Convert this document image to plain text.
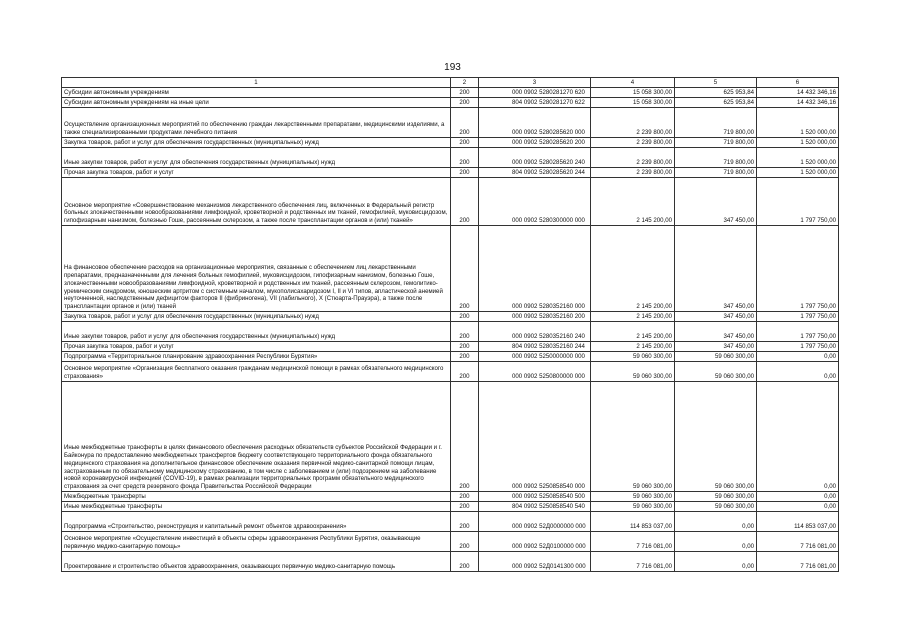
193
1	2	3	4	5	6
Субсидии автономным учреждениям	200	000 0902 5280281270 620	15 058 300,00	625 953,84	14 432 346,16
Субсидии автономным учреждениям на иные цели	200	804 0902 5280281270 622	15 058 300,00	625 953,84	14 432 346,16
Осуществление организационных мероприятий по обеспечению граждан лекарственными препаратами, медицинскими изделиями, а также специализированными продуктами лечебного питания	200	000 0902 5280285620 000	2 239 800,00	719 800,00	1 520 000,00
Закупка товаров, работ и услуг для обеспечения государственных (муниципальных) нужд	200	000 0902 5280285620 200	2 239 800,00	719 800,00	1 520 000,00
Иные закупки товаров, работ и услуг для обеспечения государственных (муниципальных) нужд	200	000 0902 5280285620 240	2 239 800,00	719 800,00	1 520 000,00
Прочая закупка товаров, работ и услуг	200	804 0902 5280285620 244	2 239 800,00	719 800,00	1 520 000,00
Основное мероприятие «Совершенствование механизмов лекарственного обеспечения лиц, включенных в Федеральный регистр больных злокачественными новообразованиями лимфоидной, кроветворной и родственных им тканей, гемофилией, муковисцидозом, гипофизарным нанизмом, болезнью Гоше, рассеянным склерозом, а также после трансплантации органов и (или) тканей»	200	000 0902 5280300000 000	2 145 200,00	347 450,00	1 797 750,00
На финансовое обеспечение расходов на организационные мероприятия, связанные с обеспечением лиц лекарственными препаратами, предназначенными для лечения больных гемофилией, муковисцидозом, гипофизарным нанизмом, болезнью Гоше, злокачественными новообразованиями лимфоидной, кроветворной и родственных им тканей, рассеянным склерозом, гемолитико-уремическим синдромом, юношеским артритом с системным началом, мукополисахаридозом I, II и VI типов, апластической анемией неуточненной, наследственным дефицитом факторов II (фибриногена), VII (лабильного), X (Стюарта-Прауэра), а также после трансплантации органов и (или) тканей	200	000 0902 5280352160 000	2 145 200,00	347 450,00	1 797 750,00
Закупка товаров, работ и услуг для обеспечения государственных (муниципальных) нужд	200	000 0902 5280352160 200	2 145 200,00	347 450,00	1 797 750,00
Иные закупки товаров, работ и услуг для обеспечения государственных (муниципальных) нужд	200	000 0902 5280352160 240	2 145 200,00	347 450,00	1 797 750,00
Прочая закупка товаров, работ и услуг	200	804 0902 5280352160 244	2 145 200,00	347 450,00	1 797 750,00
Подпрограмма «Территориальное планирование здравоохранения Республики Бурятия»	200	000 0902 5250000000 000	59 060 300,00	59 060 300,00	0,00
Основное мероприятие «Организация бесплатного оказания гражданам медицинской помощи в рамках обязательного медицинского страхования»	200	000 0902 5250800000 000	59 060 300,00	59 060 300,00	0,00
Иные межбюджетные трансферты в целях финансового обеспечения расходных обязательств субъектов Российской Федерации и г. Байконура по предоставлению межбюджетных трансфертов бюджету соответствующего территориального фонда обязательного медицинского страхования на дополнительное финансовое обеспечение оказания первичной медико-санитарной помощи лицам, застрахованным по обязательному медицинскому страхованию, в том числе с заболеванием и (или) подозрением на заболевание новой коронавирусной инфекцией (COVID-19), в рамках реализации территориальных программ обязательного медицинского страхования за счет средств резервного фонда Правительства Российской Федерации	200	000 0902 5250858540 000	59 060 300,00	59 060 300,00	0,00
Межбюджетные трансферты	200	000 0902 5250858540 500	59 060 300,00	59 060 300,00	0,00
Иные межбюджетные трансферты	200	804 0902 5250858540 540	59 060 300,00	59 060 300,00	0,00
Подпрограмма «Строительство, реконструкция и капитальный ремонт объектов здравоохранения»	200	000 0902 52Д0000000 000	114 853 037,00	0,00	114 853 037,00
Основное мероприятие «Осуществление инвестиций в объекты сферы здравоохранения Республики Бурятия, оказывающие первичную медико-санитарную помощь»	200	000 0902 52Д0100000 000	7 716 081,00	0,00	7 716 081,00
Проектирование и строительство объектов здравоохранения, оказывающих первичную медико-санитарную помощь	200	000 0902 52Д0141300 000	7 716 081,00	0,00	7 716 081,00
